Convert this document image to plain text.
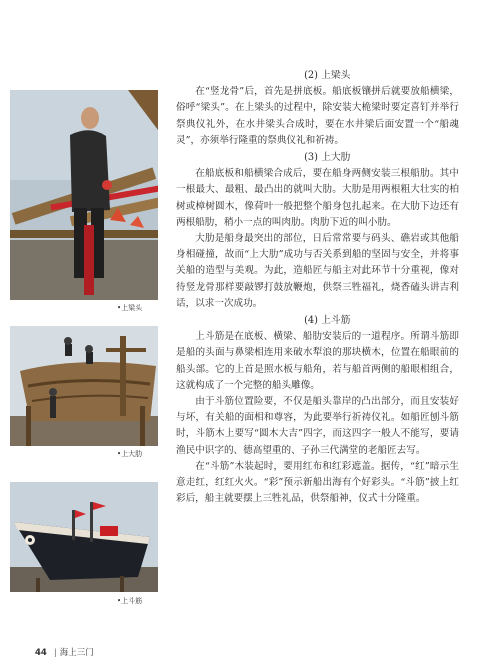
•上梁头
•上大肋
•上斗筋

(2) 上梁头

在“竖龙骨”后，首先是拼底板。船底板镶拼后就要放船横梁，俗呼“梁头”。在上梁头的过程中，除安装大桅梁时要定喜钉并举行祭典仪礼外，在水井梁头合成时，要在水井梁后面安置一个“船魂灵”，亦须举行隆重的祭典仪礼和祈祷。

(3) 上大肋

在船底板和船横梁合成后，要在船身两侧安装三根船肋。其中一根最大、最粗、最凸出的就叫大肋。大肋是用两根粗大壮实的柏树或樟树圆木，像荷叶一般把整个船身包扎起来。在大肋下边还有两根船肋，稍小一点的叫肉肋。肉肋下近的叫小肋。

大肋是船身最突出的部位，日后常常要与码头、礁岩或其他船身相碰撞，故而“上大肋”成功与否关系到船的坚固与安全，并将事关船的造型与美观。为此，造船匠与船主对此环节十分重视，像对待竖龙骨那样要敲锣打鼓放鞭炮，供祭三牲福礼，烧香磕头讲吉利话，以求一次成功。

(4) 上斗筋

上斗筋是在底板、横梁、船肋安装后的一道程序。所谓斗筋即是船的头面与鼻梁相连用来破水犁浪的那块横木，位置在船眼前的船头部。它的上首是照水板与船角，若与船首两侧的船眼相组合，这就构成了一个完整的船头雕像。

由于斗筋位置险要，不仅是船头靠岸的凸出部分，而且安装好与坏，有关船的面相和尊容，为此要举行祈祷仪礼。如船匠刨斗筋时，斗筋木上要写“圆木大吉”四字，而这四字一般人不能写，要请渔民中识字的、德高望重的、子孙三代满堂的老船匠去写。

在“斗筋”木装起时，要用红布和红彩遮盖。据传，“红”暗示生意走红，红红火火。“彩”预示新船出海有个好彩头。“斗筋”披上红彩后，船主就要摆上三牲礼品，供祭船神，仪式十分隆重。

44 | 海上三门
